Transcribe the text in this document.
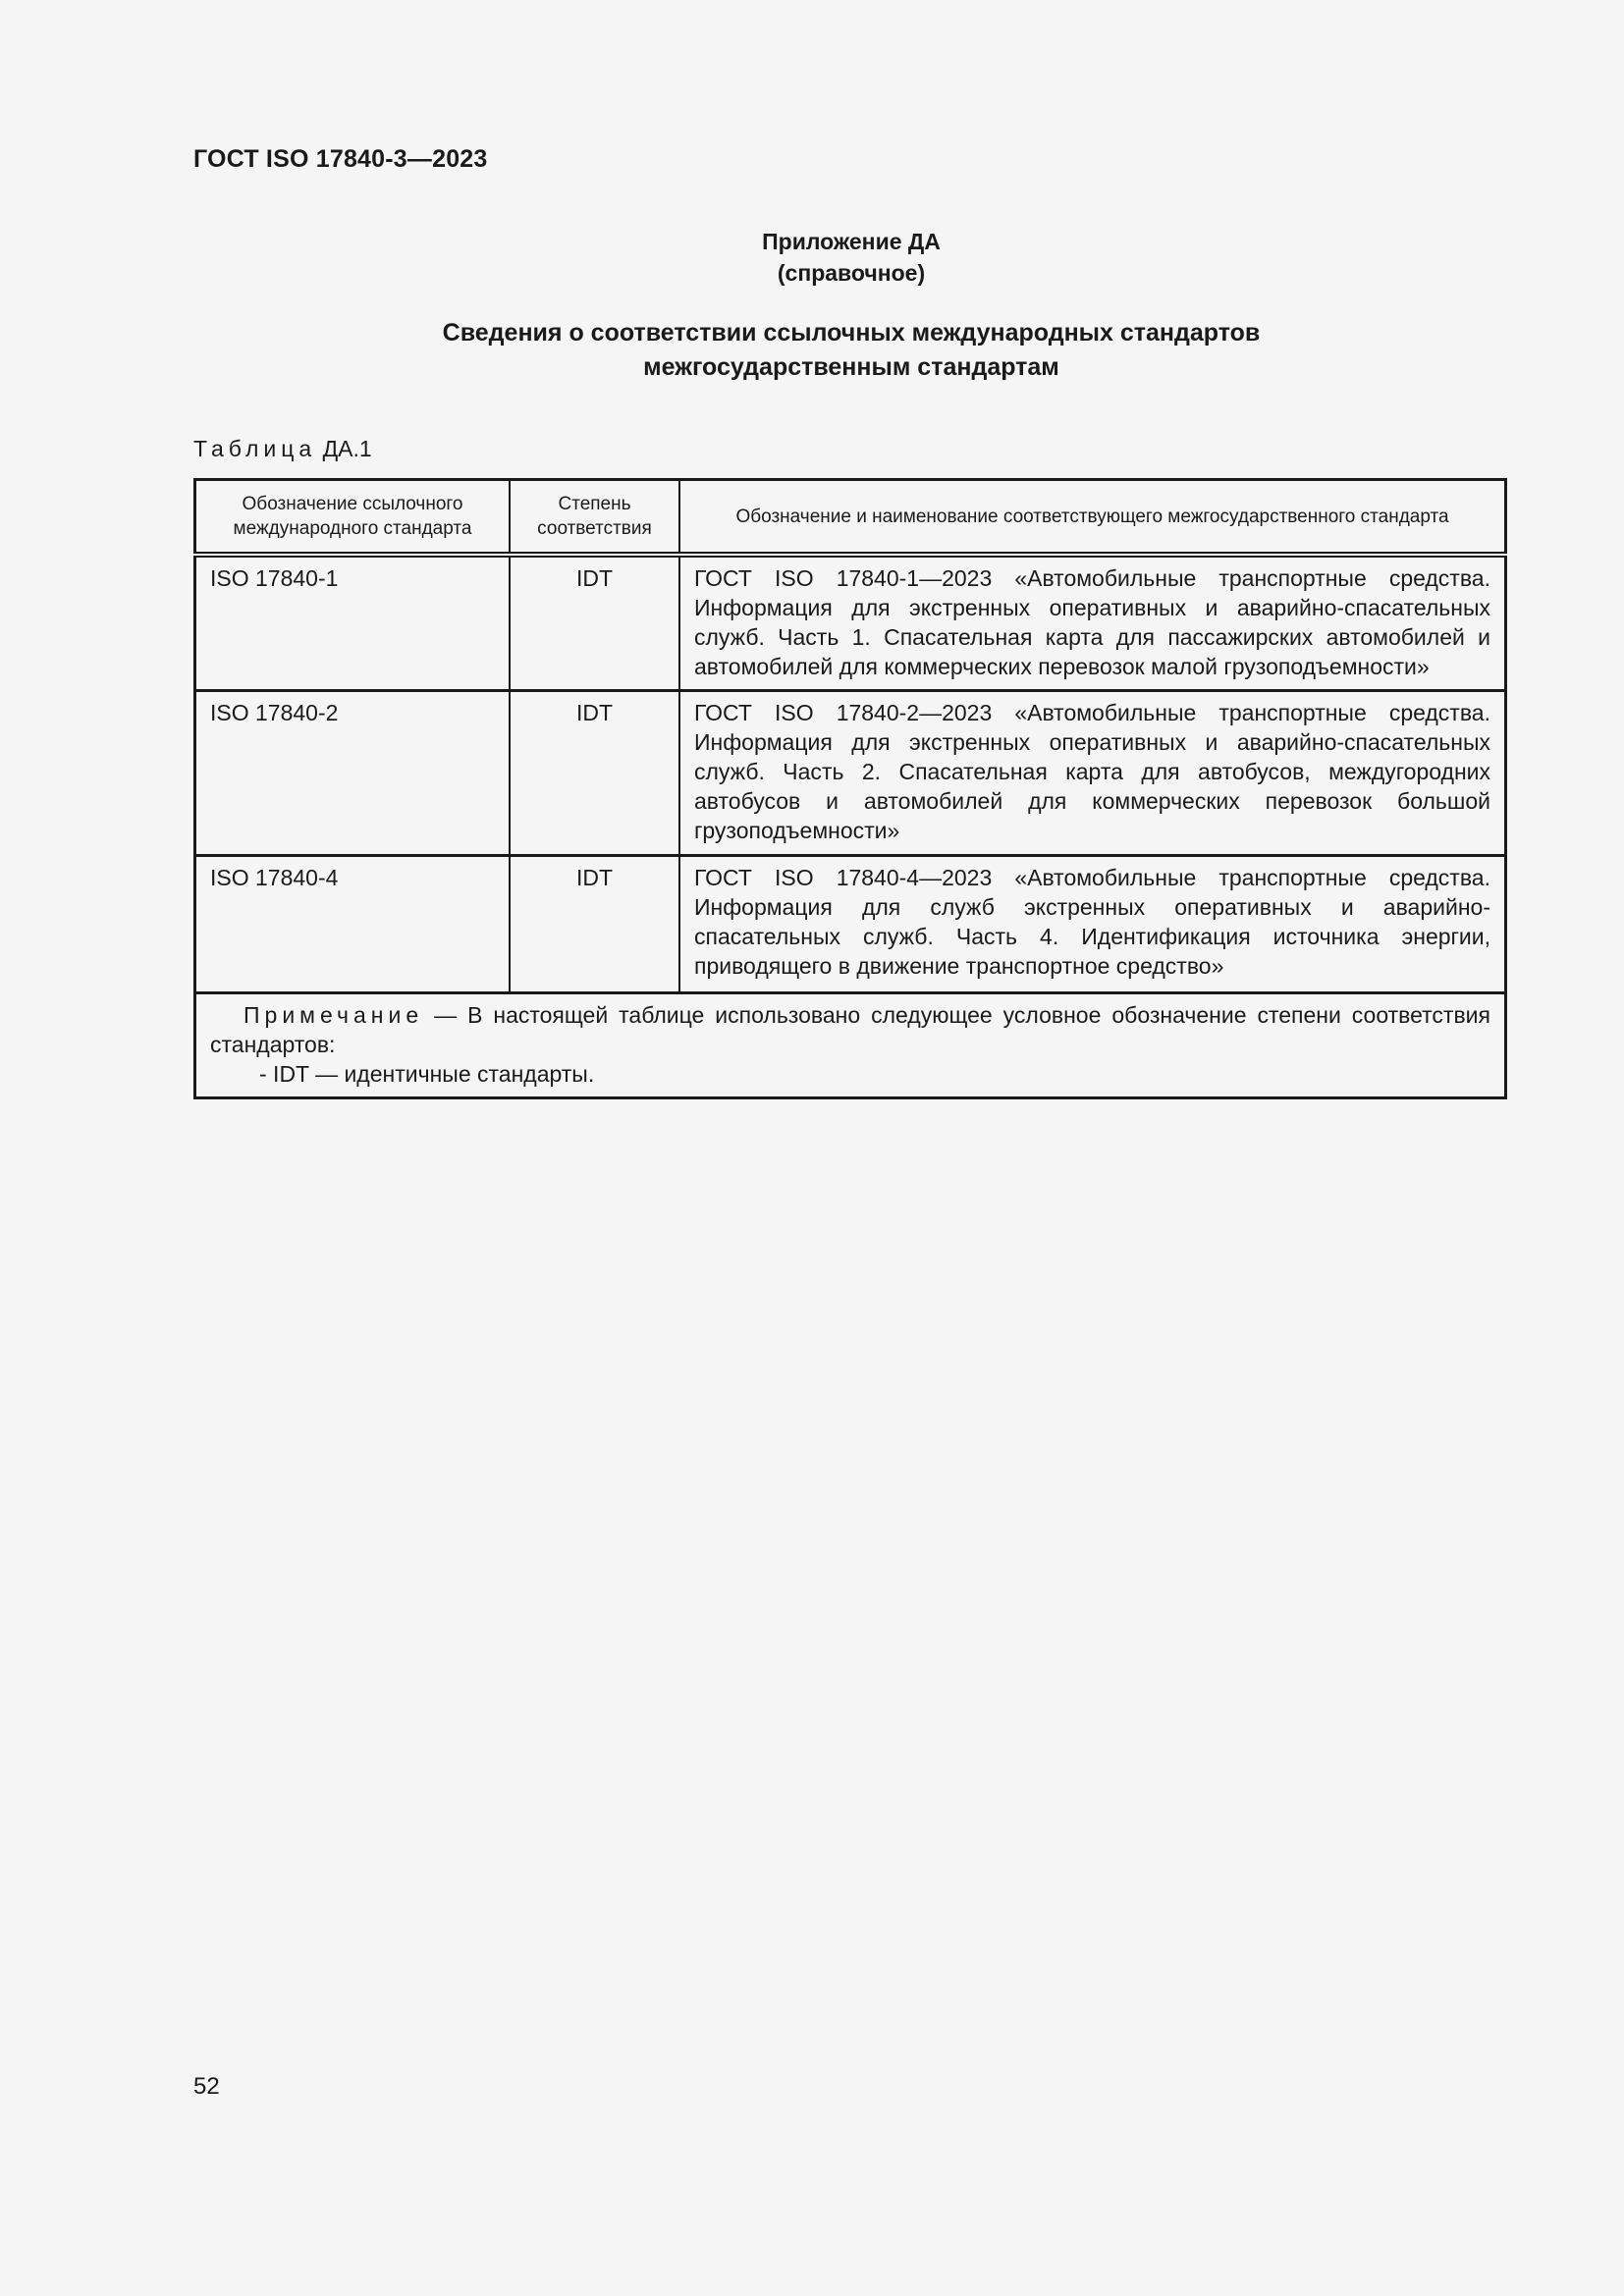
ГОСТ ISO 17840-3—2023
Приложение ДА
(справочное)
Сведения о соответствии ссылочных международных стандартов
межгосударственным стандартам
Таблица ДА.1
Обозначение ссылочного международного стандарта	Степень соответствия	Обозначение и наименование соответствующего межгосударственного стандарта
ISO 17840-1	IDT	ГОСТ ISO 17840-1—2023 «Автомобильные транспортные средства. Информация для экстренных оперативных и аварийно-спасательных служб. Часть 1. Спасательная карта для пассажирских автомобилей и автомобилей для коммерческих перевозок малой грузоподъемности»
ISO 17840-2	IDT	ГОСТ ISO 17840-2—2023 «Автомобильные транспортные средства. Информация для экстренных оперативных и аварийно-спасательных служб. Часть 2. Спасательная карта для автобусов, междугородних автобусов и автомобилей для коммерческих перевозок большой грузоподъемности»
ISO 17840-4	IDT	ГОСТ ISO 17840-4—2023 «Автомобильные транспортные средства. Информация для служб экстренных оперативных и аварийно-спасательных служб. Часть 4. Идентификация источника энергии, приводящего в движение транспортное средство»
Примечание — В настоящей таблице использовано следующее условное обозначение степени соответствия стандартов:
- IDT — идентичные стандарты.		
52
